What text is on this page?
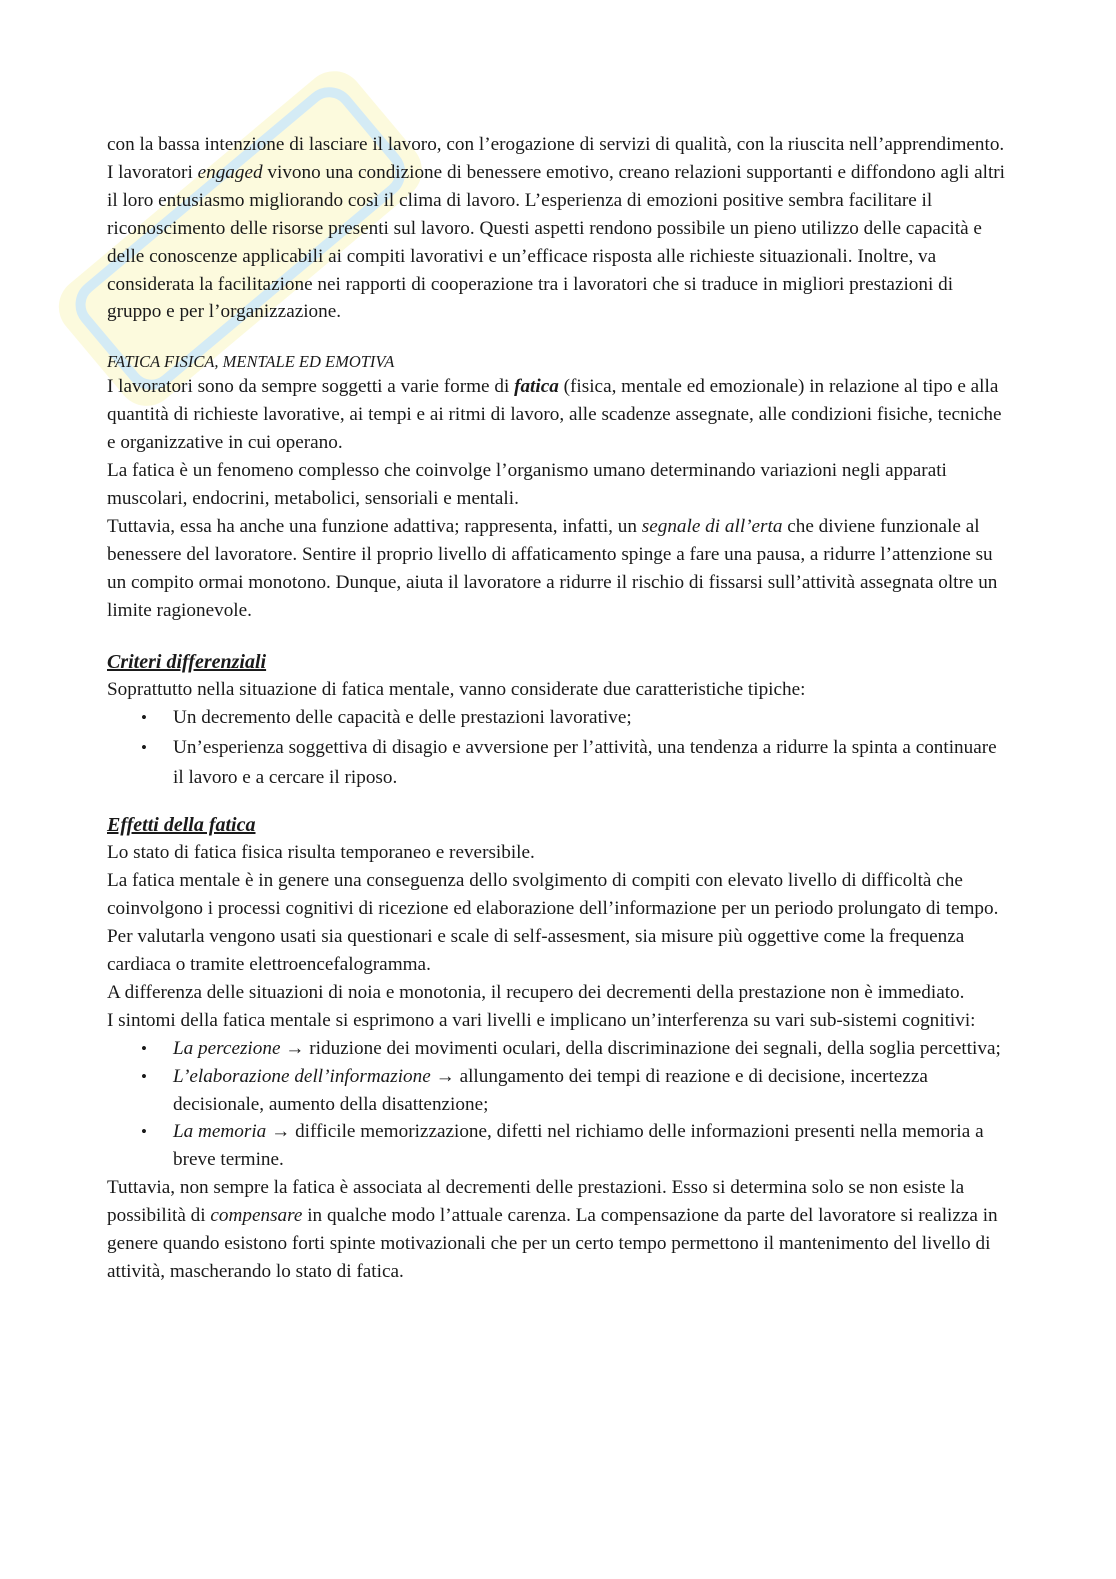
con la bassa intenzione di lasciare il lavoro, con l’erogazione di servizi di qualità, con la riuscita nell’apprendimento. I lavoratori engaged vivono una condizione di benessere emotivo, creano relazioni supportanti e diffondono agli altri il loro entusiasmo migliorando così il clima di lavoro. L’esperienza di emozioni positive sembra facilitare il riconoscimento delle risorse presenti sul lavoro. Questi aspetti rendono possibile un pieno utilizzo delle capacità e delle conoscenze applicabili ai compiti lavorativi e un’efficace risposta alle richieste situazionali. Inoltre, va considerata la facilitazione nei rapporti di cooperazione tra i lavoratori che si traduce in migliori prestazioni di gruppo e per l’organizzazione.

FATICA FISICA, MENTALE ED EMOTIVA

I lavoratori sono da sempre soggetti a varie forme di fatica (fisica, mentale ed emozionale) in relazione al tipo e alla quantità di richieste lavorative, ai tempi e ai ritmi di lavoro, alle scadenze assegnate, alle condizioni fisiche, tecniche e organizzative in cui operano.

La fatica è un fenomeno complesso che coinvolge l’organismo umano determinando variazioni negli apparati muscolari, endocrini, metabolici, sensoriali e mentali.

Tuttavia, essa ha anche una funzione adattiva; rappresenta, infatti, un segnale di all’erta che diviene funzionale al benessere del lavoratore. Sentire il proprio livello di affaticamento spinge a fare una pausa, a ridurre l’attenzione su un compito ormai monotono. Dunque, aiuta il lavoratore a ridurre il rischio di fissarsi sull’attività assegnata oltre un limite ragionevole.

Criteri differenziali

Soprattutto nella situazione di fatica mentale, vanno considerate due caratteristiche tipiche:

• Un decremento delle capacità e delle prestazioni lavorative;
• Un’esperienza soggettiva di disagio e avversione per l’attività, una tendenza a ridurre la spinta a continuare il lavoro e a cercare il riposo.

Effetti della fatica

Lo stato di fatica fisica risulta temporaneo e reversibile.

La fatica mentale è in genere una conseguenza dello svolgimento di compiti con elevato livello di difficoltà che coinvolgono i processi cognitivi di ricezione ed elaborazione dell’informazione per un periodo prolungato di tempo. Per valutarla vengono usati sia questionari e scale di self-assesment, sia misure più oggettive come la frequenza cardiaca o tramite elettroencefalogramma.

A differenza delle situazioni di noia e monotonia, il recupero dei decrementi della prestazione non è immediato.

I sintomi della fatica mentale si esprimono a vari livelli e implicano un’interferenza su vari sub-sistemi cognitivi:

• La percezione → riduzione dei movimenti oculari, della discriminazione dei segnali, della soglia percettiva;
• L’elaborazione dell’informazione → allungamento dei tempi di reazione e di decisione, incertezza decisionale, aumento della disattenzione;
• La memoria → difficile memorizzazione, difetti nel richiamo delle informazioni presenti nella memoria a breve termine.

Tuttavia, non sempre la fatica è associata al decrementi delle prestazioni. Esso si determina solo se non esiste la possibilità di compensare in qualche modo l’attuale carenza. La compensazione da parte del lavoratore si realizza in genere quando esistono forti spinte motivazionali che per un certo tempo permettono il mantenimento del livello di attività, mascherando lo stato di fatica.
